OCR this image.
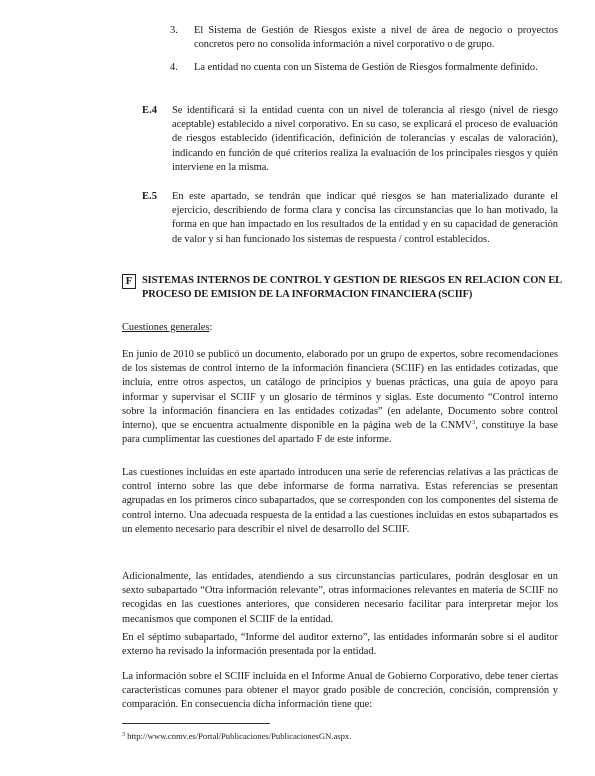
3.	El Sistema de Gestión de Riesgos existe a nivel de área de negocio o proyectos concretos pero no consolida información a nivel corporativo o de grupo.

4.	La entidad no cuenta con un Sistema de Gestión de Riesgos formalmente definido.

E.4 Se identificará si la entidad cuenta con un nivel de tolerancia al riesgo (nivel de riesgo aceptable) establecido a nivel corporativo. En su caso, se explicará el proceso de evaluación de riesgos establecido (identificación, definición de tolerancias y escalas de valoración), indicando en función de qué criterios realiza la evaluación de los principales riesgos y quién interviene en la misma.

E.5 En este apartado, se tendrán que indicar qué riesgos se han materializado durante el ejercicio, describiendo de forma clara y concisa las circunstancias que lo han motivado, la forma en que han impactado en los resultados de la entidad y en su capacidad de generación de valor y si han funcionado los sistemas de respuesta / control establecidos.

F SISTEMAS INTERNOS DE CONTROL Y GESTION DE RIESGOS EN RELACION CON EL PROCESO DE EMISION DE LA INFORMACION FINANCIERA (SCIIF)

Cuestiones generales:

En junio de 2010 se publicó un documento, elaborado por un grupo de expertos, sobre recomendaciones de los sistemas de control interno de la información financiera (SCIIF) en las entidades cotizadas, que incluía, entre otros aspectos, un catálogo de principios y buenas prácticas, una guía de apoyo para informar y supervisar el SCIIF y un glosario de términos y siglas. Este documento “Control interno sobre la información financiera en las entidades cotizadas” (en adelante, Documento sobre control interno), que se encuentra actualmente disponible en la página web de la CNMV$^3$, constituye la base para cumplimentar las cuestiones del apartado F de este informe.

Las cuestiones incluidas en este apartado introducen una serie de referencias relativas a las prácticas de control interno sobre las que debe informarse de forma narrativa. Estas referencias se presentan agrupadas en los primeros cinco subapartados, que se corresponden con los componentes del sistema de control interno. Una adecuada respuesta de la entidad a las cuestiones incluidas en estos subapartados es un elemento necesario para describir el nivel de desarrollo del SCIIF.

Adicionalmente, las entidades, atendiendo a sus circunstancias particulares, podrán desglosar en un sexto subapartado “Otra información relevante”, otras informaciones relevantes en materia de SCIIF no recogidas en las cuestiones anteriores, que consideren necesario facilitar para interpretar mejor los mecanismos que componen el SCIIF de la entidad.

En el séptimo subapartado, “Informe del auditor externo”, las entidades informarán sobre si el auditor externo ha revisado la información presentada por la entidad.

La información sobre el SCIIF incluida en el Informe Anual de Gobierno Corporativo, debe tener ciertas características comunes para obtener el mayor grado posible de concreción, concisión, comprensión y comparación. En consecuencia dicha información tiene que:

$^3$ http://www.cnmv.es/Portal/Publicaciones/PublicacionesGN.aspx.
